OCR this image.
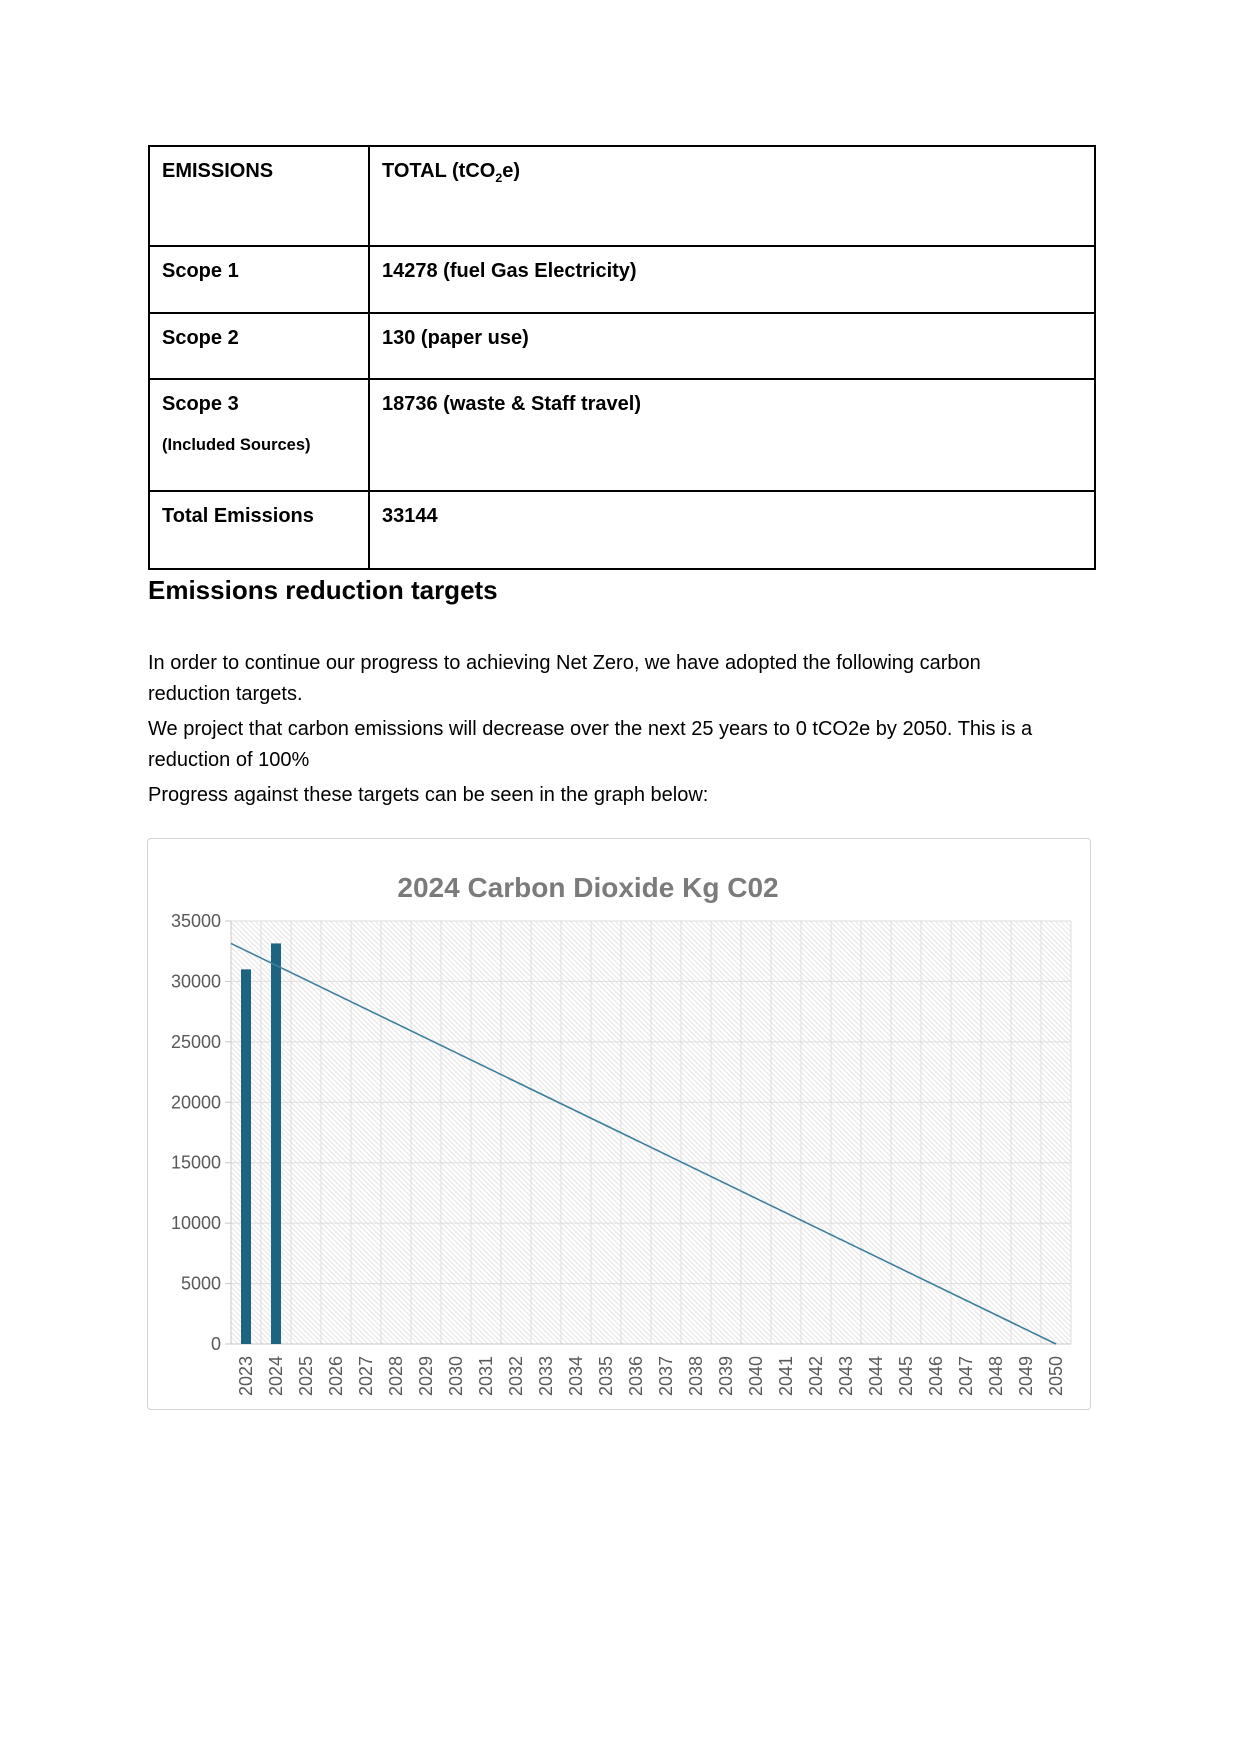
EMISSIONS	TOTAL (tCO$_2$e)
Scope 1	14278 (fuel Gas Electricity)
Scope 2	130 (paper use)

Scope 3
(Included Sources)	18736 (waste & Staff travel)
Total Emissions	33144
Emissions reduction targets

In order to continue our progress to achieving Net Zero, we have adopted the following carbon reduction targets.

We project that carbon emissions will decrease over the next 25 years to 0 tCO2e by 2050. This is a reduction of 100%

Progress against these targets can be seen in the graph below:

0
5000
10000
15000
20000
25000
30000
35000
2023 2024 2025 2026 2027 2028 2029 2030 2031 2032 2033 2034 2035 2036 2037 2038 2039 2040 2041 2042 2043 2044 2045 2046 2047 2048 2049 2050
2024 Carbon Dioxide Kg C02
